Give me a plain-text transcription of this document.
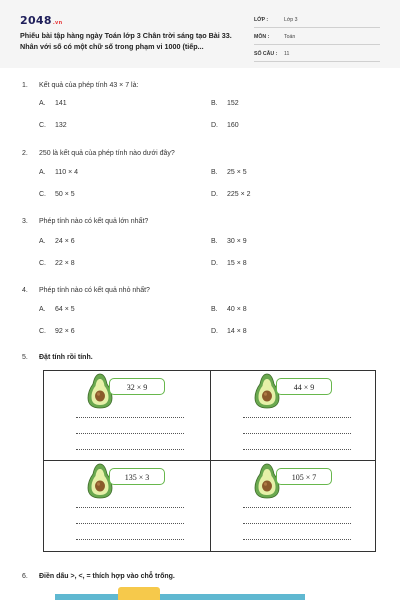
2048.vn
Phiếu bài tập hàng ngày Toán lớp 3 Chân trời sáng tạo Bài 33. Nhân với số có một chữ số trong phạm vi 1000 (tiếp...
LỚP :	Lớp 3
MÔN :	Toán
SỐ CÂU : 11
1. Kết quả của phép tính 43 × 7 là:
A. 141	B. 152
C. 132	D. 160
2. 250 là kết quả của phép tính nào dưới đây?
A. 110 × 4	B. 25 × 5
C. 50 × 5	D. 225 × 2
3. Phép tính nào có kết quả lớn nhất?
A. 24 × 6	B. 30 × 9
C. 22 × 8	D. 15 × 8
4. Phép tính nào có kết quả nhỏ nhất?
A. 64 × 5	B. 40 × 8
C. 92 × 6	D. 14 × 8
5. Đặt tính rồi tính.
32 × 9	44 × 9
135 × 3	105 × 7
6. Điền dấu >, <, = thích hợp vào chỗ trống.
